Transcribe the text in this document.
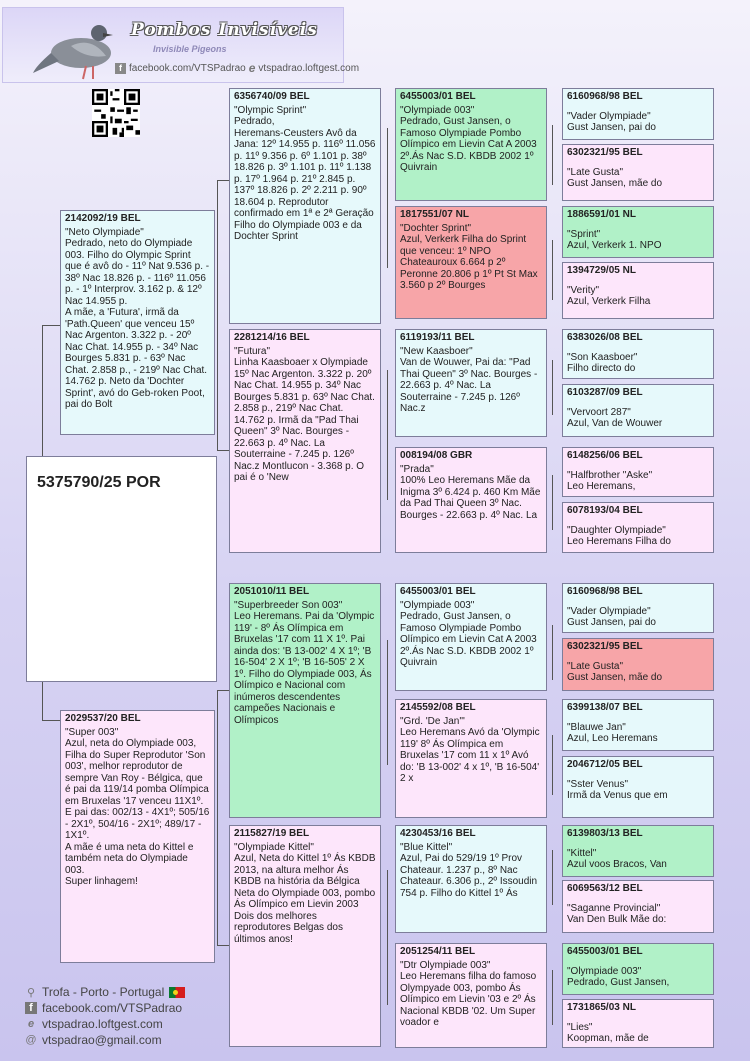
Pombos Invisíveis
Invisible Pigeons
f facebook.com/VTSPadrao e vtspadrao.loftgest.com
5375790/25 POR
2142092/19 BEL
"Neto Olympiade"
Pedrado, neto do Olympiade 003. Filho do Olympic Sprint que é avô do - 11º Nat 9.536 p. - 38º Nac 18.826 p. - 116º 11.056 p. - 1º Interprov. 3.162 p. & 12º Nac 14.955 p.
A mãe, a 'Futura', irmã da 'Path.Queen' que venceu 15º Nac Argenton. 3.322 p. - 20º Nac Chat. 14.955 p. - 34º Nac Bourges 5.831 p. - 63º Nac Chat. 2.858 p., - 219º Nac Chat. 14.762 p. Neto da 'Dochter Sprint', avó do Geb-roken Poot, pai do Bolt
2029537/20 BEL
"Super 003"
Azul, neta do Olympiade 003, Filha do Super Reprodutor 'Son 003', melhor reprodutor de sempre Van Roy - Bélgica, que é pai da 119/14 pomba Olímpica em Bruxelas '17 venceu 11X1º. E pai das: 002/13 - 4X1º; 505/16 - 2X1º, 504/16 - 2X1º; 489/17 - 1X1º.
A mãe é uma neta do Kittel e também neta do Olympiade 003.
Super linhagem!
6356740/09 BEL
"Olympic Sprint"
Pedrado,
Heremans-Ceusters Avô da Jana: 12º 14.955 p. 116º 11.056 p. 11º 9.356 p. 6º 1.101 p. 38º 18.826 p. 3º 1.101 p. 11º 1.138 p. 17º 1.964 p. 21º 2.845 p. 137º 18.826 p. 2º 2.211 p. 90º 18.604 p. Reprodutor confirmado em 1ª e 2ª Geração Filho do Olympiade 003 e da Dochter Sprint
2281214/16 BEL
"Futura"
Linha Kaasboaer x Olympiade 15º Nac Argenton. 3.322 p. 20º Nac Chat. 14.955 p. 34º Nac Bourges 5.831 p. 63º Nac Chat. 2.858 p., 219º Nac Chat. 14.762 p. Irmã da "Pad Thai Queen" 3º Nac. Bourges - 22.663 p. 4º Nac. La Souterraine - 7.245 p. 126º Nac.z Montlucon - 3.368 p. O pai é o 'New
2051010/11 BEL
"Superbreeder Son 003"
Leo Heremans. Pai da 'Olympic 119' - 8º Ás Olímpica em Bruxelas '17 com 11 X 1º. Pai ainda dos: 'B 13-002' 4 X 1º; 'B 16-504' 2 X 1º; 'B 16-505' 2 X 1º. Filho do Olympiade 003, Ás Olímpico e Nacional com inúmeros descendentes campeões Nacionais e Olímpicos
2115827/19 BEL
"Olympiade Kittel"
Azul, Neta do Kittel 1º Ás KBDB 2013, na altura melhor Ás KBDB na história da Bélgica Neta do Olympiade 003, pombo Ás Olímpico em Lievin 2003 Dois dos melhores reprodutores Belgas dos últimos anos!
6455003/01 BEL
"Olympiade 003"
Pedrado, Gust Jansen, o Famoso Olympiade Pombo Olímpico em Lievin Cat A 2003
2º.Ás Nac S.D. KBDB 2002 1º Quivrain
1817551/07 NL
"Dochter Sprint"
Azul, Verkerk Filha do Sprint que venceu: 1º NPO Chateauroux 6.664 p 2º Peronne 20.806 p 1º Pt St Max 3.560 p 2º Bourges
6119193/11 BEL
"New Kaasboer"
Van de Wouwer, Pai da: "Pad Thai Queen" 3º Nac. Bourges - 22.663 p. 4º Nac. La Souterraine - 7.245 p. 126º Nac.z
008194/08 GBR
"Prada"
100% Leo Heremans Mãe da Inigma 3º 6.424 p. 460 Km Mãe da Pad Thai Queen 3º Nac. Bourges - 22.663 p. 4º Nac. La
6455003/01 BEL
"Olympiade 003"
Pedrado, Gust Jansen, o Famoso Olympiade Pombo Olímpico em Lievin Cat A 2003
2º.Ás Nac S.D. KBDB 2002 1º Quivrain
2145592/08 BEL
"Grd. 'De Jan'"
Leo Heremans Avó da 'Olympic 119' 8º Ás Olímpica em Bruxelas '17 com 11 x 1º Avó do: 'B 13-002' 4 x 1º, 'B 16-504' 2 x
4230453/16 BEL
"Blue Kittel"
Azul, Pai do 529/19 1º Prov Chateaur. 1.237 p., 8º Nac Chateaur. 6.306 p., 2º Issoudin 754 p. Filho do Kittel 1º Ás
2051254/11 BEL
"Dtr Olympiade 003"
Leo Heremans filha do famoso Olympyade 003, pombo Ás Olímpico em Lievin '03 e 2º Ás Nacional KBDB '02. Um Super voador e
6160968/98 BEL
"Vader Olympiade"
Gust Jansen, pai do
6302321/95 BEL
"Late Gusta"
Gust Jansen, mãe do
1886591/01 NL
"Sprint"
Azul, Verkerk 1. NPO
1394729/05 NL
"Verity"
Azul, Verkerk Filha
6383026/08 BEL
"Son Kaasboer"
Filho directo do
6103287/09 BEL
"Vervoort 287"
Azul, Van de Wouwer
6148256/06 BEL
"Halfbrother "Aske"
Leo Heremans,
6078193/04 BEL
"Daughter Olympiade"
Leo Heremans Filha do
6160968/98 BEL
"Vader Olympiade"
Gust Jansen, pai do
6302321/95 BEL
"Late Gusta"
Gust Jansen, mãe do
6399138/07 BEL
"Blauwe Jan"
Azul, Leo Heremans
2046712/05 BEL
"Sster Venus"
Irmã da Venus que em
6139803/13 BEL
"Kittel"
Azul voos Bracos, Van
6069563/12 BEL
"Saganne Provincial"
Van Den Bulk Mãe do:
6455003/01 BEL
"Olympiade 003"
Pedrado, Gust Jansen,
1731865/03 NL
"Lies"
Koopman, mãe de
⚲ Trofa - Porto - Portugal
f facebook.com/VTSPadrao
e vtspadrao.loftgest.com
@ vtspadrao@gmail.com
